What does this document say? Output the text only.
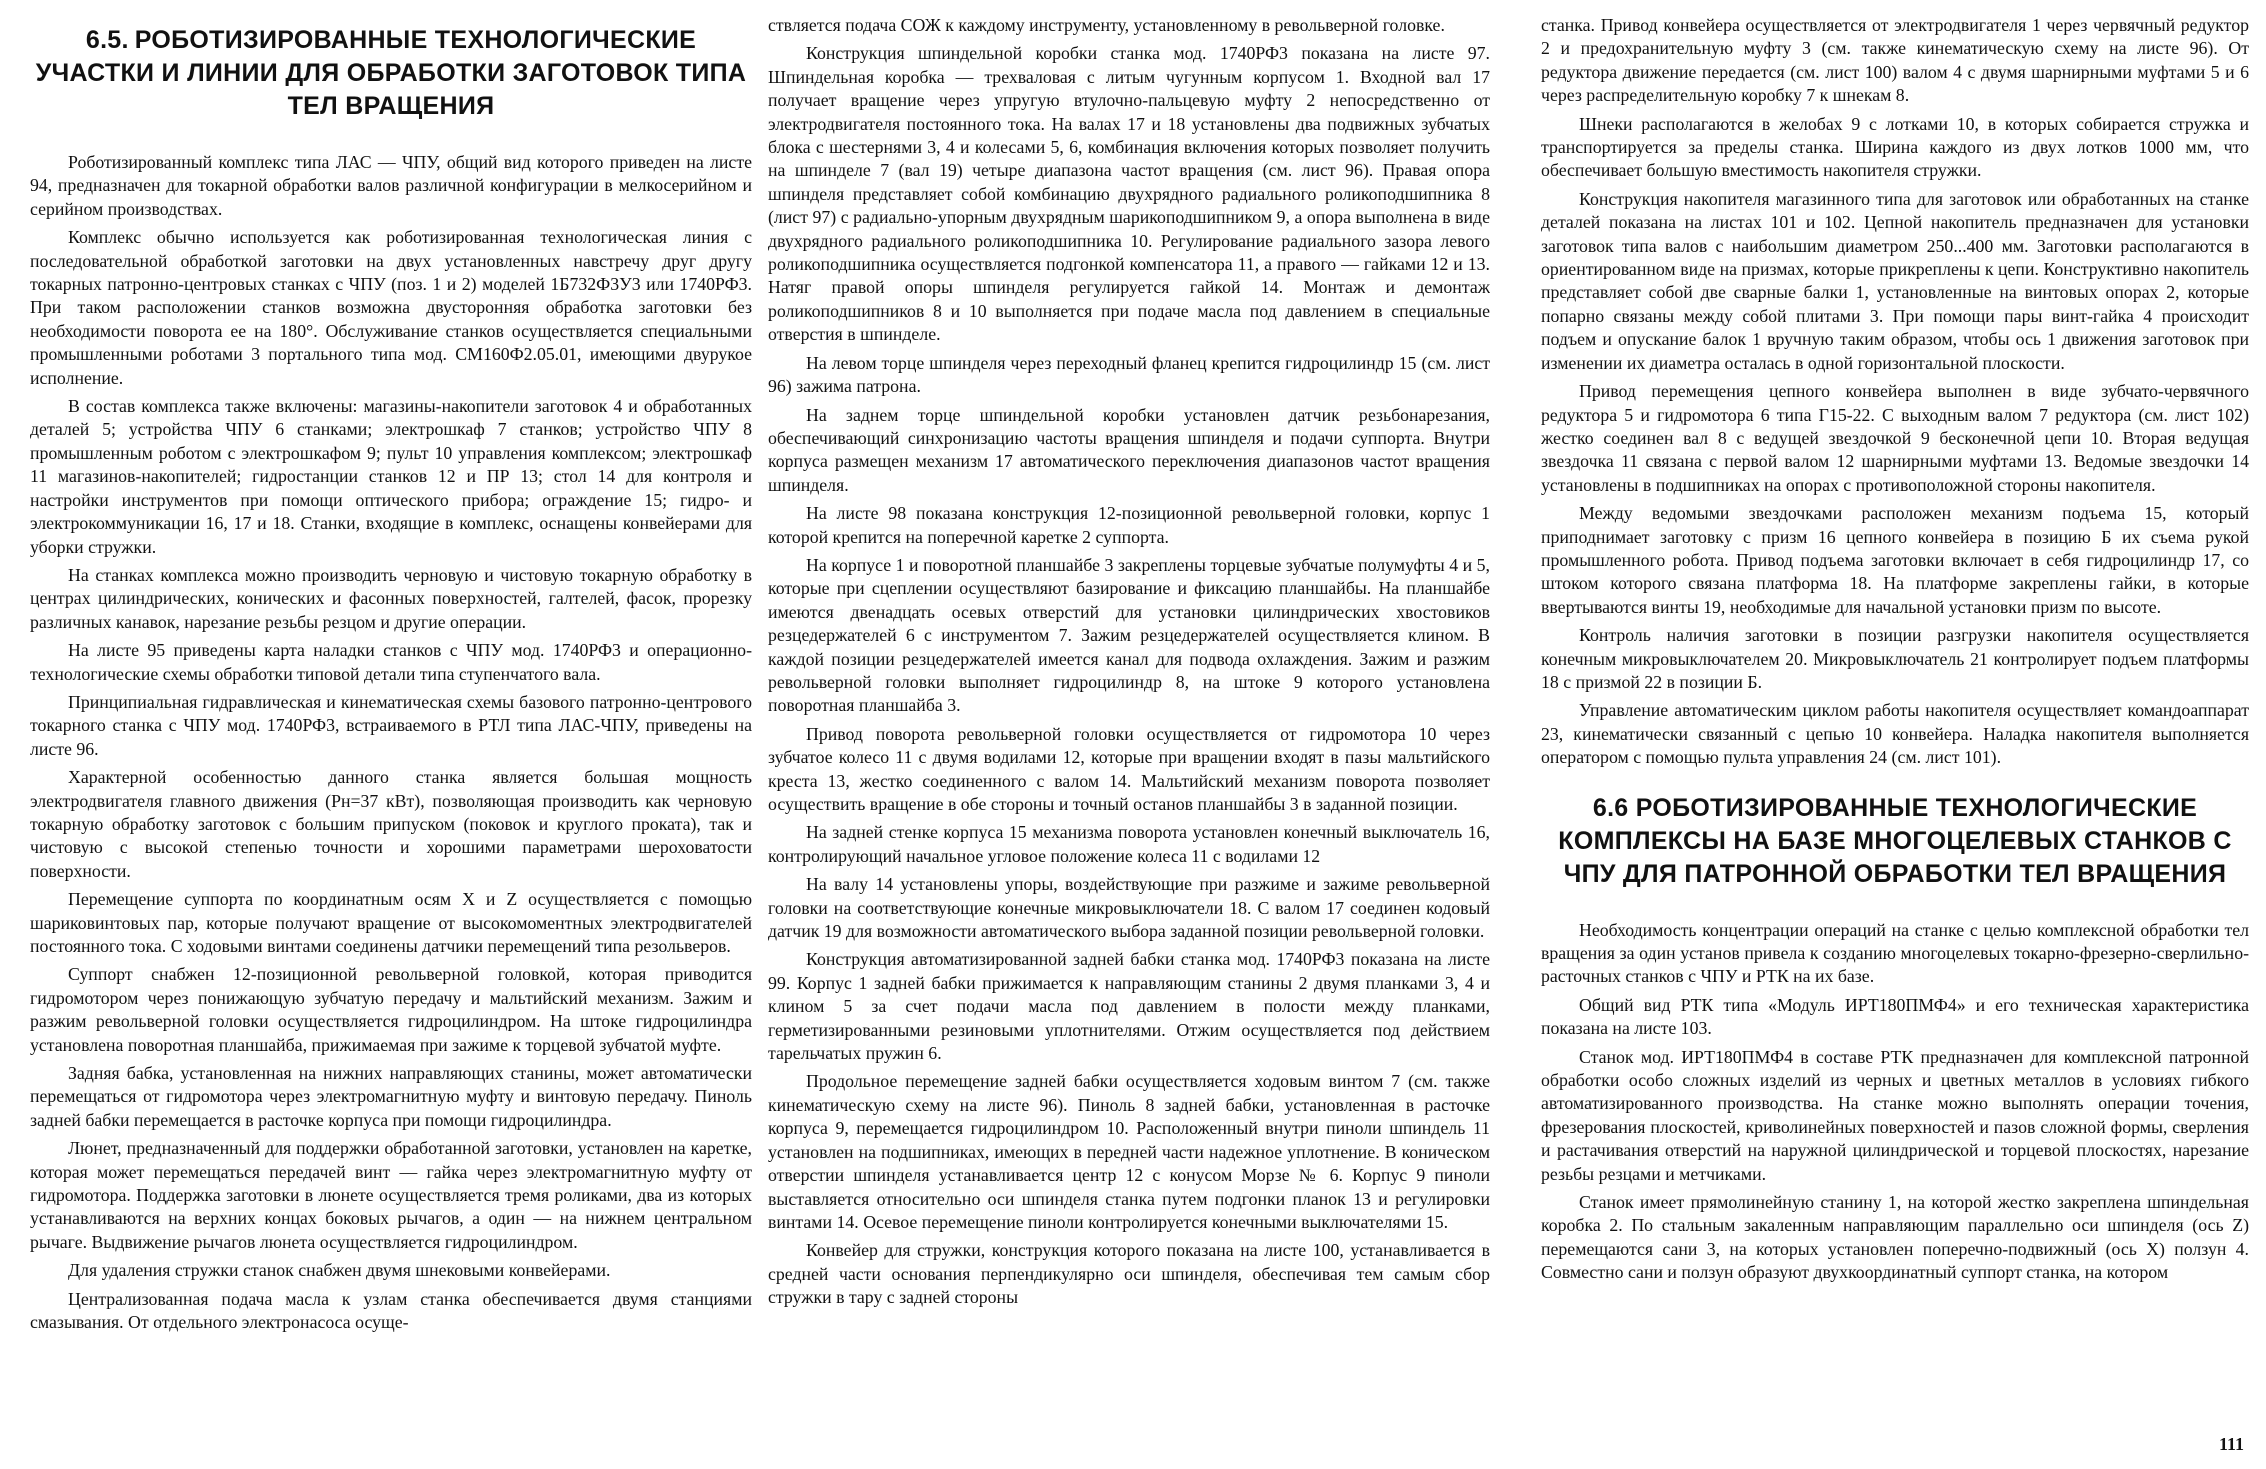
6.5. РОБОТИЗИРОВАННЫЕ ТЕХНОЛОГИЧЕСКИЕ УЧАСТКИ И ЛИНИИ ДЛЯ ОБРАБОТКИ ЗАГОТОВОК ТИПА ТЕЛ ВРАЩЕНИЯ

Роботизированный комплекс типа ЛАС — ЧПУ, общий вид которого приведен на листе 94, предназначен для токарной обработки валов различной конфигурации в мелкосерийном и серийном производствах.

Комплекс обычно используется как роботизированная технологическая линия с последовательной обработкой заготовки на двух установленных навстречу друг другу токарных патронно-центровых станках с ЧПУ (поз. 1 и 2) моделей 1Б732Ф3У3 или 1740РФ3. При таком расположении станков возможна двусторонняя обработка заготовки без необходимости поворота ее на 180°. Обслуживание станков осуществляется специальными промышленными роботами 3 портального типа мод. СМ160Ф2.05.01, имеющими двурукое исполнение.

В состав комплекса также включены: магазины-накопители заготовок 4 и обработанных деталей 5; устройства ЧПУ 6 станками; электрошкаф 7 станков; устройство ЧПУ 8 промышленным роботом с электрошкафом 9; пульт 10 управления комплексом; электрошкаф 11 магазинов-накопителей; гидростанции станков 12 и ПР 13; стол 14 для контроля и настройки инструментов при помощи оптического прибора; ограждение 15; гидро- и электрокоммуникации 16, 17 и 18. Станки, входящие в комплекс, оснащены конвейерами для уборки стружки.

На станках комплекса можно производить черновую и чистовую токарную обработку в центрах цилиндрических, конических и фасонных поверхностей, галтелей, фасок, прорезку различных канавок, нарезание резьбы резцом и другие операции.

На листе 95 приведены карта наладки станков с ЧПУ мод. 1740РФ3 и операционно-технологические схемы обработки типовой детали типа ступенчатого вала.

Принципиальная гидравлическая и кинематическая схемы базового патронно-центрового токарного станка с ЧПУ мод. 1740РФ3, встраиваемого в РТЛ типа ЛАС-ЧПУ, приведены на листе 96.

Характерной особенностью данного станка является большая мощность электродвигателя главного движения (Рн=37 кВт), позволяющая производить как черновую токарную обработку заготовок с большим припуском (поковок и круглого проката), так и чистовую с высокой степенью точности и хорошими параметрами шероховатости поверхности.

Перемещение суппорта по координатным осям X и Z осуществляется с помощью шариковинтовых пар, которые получают вращение от высокомоментных электродвигателей постоянного тока. С ходовыми винтами соединены датчики перемещений типа резольверов.

Суппорт снабжен 12-позиционной револьверной головкой, которая приводится гидромотором через понижающую зубчатую передачу и мальтийский механизм. Зажим и разжим револьверной головки осуществляется гидроцилиндром. На штоке гидроцилиндра установлена поворотная планшайба, прижимаемая при зажиме к торцевой зубчатой муфте.

Задняя бабка, установленная на нижних направляющих станины, может автоматически перемещаться от гидромотора через электромагнитную муфту и винтовую передачу. Пиноль задней бабки перемещается в расточке корпуса при помощи гидроцилиндра.

Люнет, предназначенный для поддержки обработанной заготовки, установлен на каретке, которая может перемещаться передачей винт — гайка через электромагнитную муфту от гидромотора. Поддержка заготовки в люнете осуществляется тремя роликами, два из которых устанавливаются на верхних концах боковых рычагов, а один — на нижнем центральном рычаге. Выдвижение рычагов люнета осуществляется гидроцилиндром.

Для удаления стружки станок снабжен двумя шнековыми конвейерами.

Централизованная подача масла к узлам станка обеспечивается двумя станциями смазывания. От отдельного электронасоса осуще-

ствляется подача СОЖ к каждому инструменту, установленному в револьверной головке.

Конструкция шпиндельной коробки станка мод. 1740РФ3 показана на листе 97. Шпиндельная коробка — трехваловая с литым чугунным корпусом 1. Входной вал 17 получает вращение через упругую втулочно-пальцевую муфту 2 непосредственно от электродвигателя постоянного тока. На валах 17 и 18 установлены два подвижных зубчатых блока с шестернями 3, 4 и колесами 5, 6, комбинация включения которых позволяет получить на шпинделе 7 (вал 19) четыре диапазона частот вращения (см. лист 96). Правая опора шпинделя представляет собой комбинацию двухрядного радиального роликоподшипника 8 (лист 97) с радиально-упорным двухрядным шарикоподшипником 9, а опора выполнена в виде двухрядного радиального роликоподшипника 10. Регулирование радиального зазора левого роликоподшипника осуществляется подгонкой компенсатора 11, а правого — гайками 12 и 13. Натяг правой опоры шпинделя регулируется гайкой 14. Монтаж и демонтаж роликоподшипников 8 и 10 выполняется при подаче масла под давлением в специальные отверстия в шпинделе.

На левом торце шпинделя через переходный фланец крепится гидроцилиндр 15 (см. лист 96) зажима патрона.

На заднем торце шпиндельной коробки установлен датчик резьбонарезания, обеспечивающий синхронизацию частоты вращения шпинделя и подачи суппорта. Внутри корпуса размещен механизм 17 автоматического переключения диапазонов частот вращения шпинделя.

На листе 98 показана конструкция 12-позиционной револьверной головки, корпус 1 которой крепится на поперечной каретке 2 суппорта.

На корпусе 1 и поворотной планшайбе 3 закреплены торцевые зубчатые полумуфты 4 и 5, которые при сцеплении осуществляют базирование и фиксацию планшайбы. На планшайбе имеются двенадцать осевых отверстий для установки цилиндрических хвостовиков резцедержателей 6 с инструментом 7. Зажим резцедержателей осуществляется клином. В каждой позиции резцедержателей имеется канал для подвода охлаждения. Зажим и разжим револьверной головки выполняет гидроцилиндр 8, на штоке 9 которого установлена поворотная планшайба 3.

Привод поворота револьверной головки осуществляется от гидромотора 10 через зубчатое колесо 11 с двумя водилами 12, которые при вращении входят в пазы мальтийского креста 13, жестко соединенного с валом 14. Мальтийский механизм поворота позволяет осуществить вращение в обе стороны и точный останов планшайбы 3 в заданной позиции.

На задней стенке корпуса 15 механизма поворота установлен конечный выключатель 16, контролирующий начальное угловое положение колеса 11 с водилами 12

На валу 14 установлены упоры, воздействующие при разжиме и зажиме револьверной головки на соответствующие конечные микровыключатели 18. С валом 17 соединен кодовый датчик 19 для возможности автоматического выбора заданной позиции револьверной головки.

Конструкция автоматизированной задней бабки станка мод. 1740РФ3 показана на листе 99. Корпус 1 задней бабки прижимается к направляющим станины 2 двумя планками 3, 4 и клином 5 за счет подачи масла под давлением в полости между планками, герметизированными резиновыми уплотнителями. Отжим осуществляется под действием тарельчатых пружин 6.

Продольное перемещение задней бабки осуществляется ходовым винтом 7 (см. также кинематическую схему на листе 96). Пиноль 8 задней бабки, установленная в расточке корпуса 9, перемещается гидроцилиндром 10. Расположенный внутри пиноли шпиндель 11 установлен на подшипниках, имеющих в передней части надежное уплотнение. В коническом отверстии шпинделя устанавливается центр 12 с конусом Морзе № 6. Корпус 9 пиноли выставляется относительно оси шпинделя станка путем подгонки планок 13 и регулировки винтами 14. Осевое перемещение пиноли контролируется конечными выключателями 15.

Конвейер для стружки, конструкция которого показана на листе 100, устанавливается в средней части основания перпендикулярно оси шпинделя, обеспечивая тем самым сбор стружки в тару с задней стороны

станка. Привод конвейера осуществляется от электродвигателя 1 через червячный редуктор 2 и предохранительную муфту 3 (см. также кинематическую схему на листе 96). От редуктора движение передается (см. лист 100) валом 4 с двумя шарнирными муфтами 5 и 6 через распределительную коробку 7 к шнекам 8.

Шнеки располагаются в желобах 9 с лотками 10, в которых собирается стружка и транспортируется за пределы станка. Ширина каждого из двух лотков 1000 мм, что обеспечивает большую вместимость накопителя стружки.

Конструкция накопителя магазинного типа для заготовок или обработанных на станке деталей показана на листах 101 и 102. Цепной накопитель предназначен для установки заготовок типа валов с наибольшим диаметром 250...400 мм. Заготовки располагаются в ориентированном виде на призмах, которые прикреплены к цепи. Конструктивно накопитель представляет собой две сварные балки 1, установленные на винтовых опорах 2, которые попарно связаны между собой плитами 3. При помощи пары винт-гайка 4 происходит подъем и опускание балок 1 вручную таким образом, чтобы ось 1 движения заготовок при изменении их диаметра осталась в одной горизонтальной плоскости.

Привод перемещения цепного конвейера выполнен в виде зубчато-червячного редуктора 5 и гидромотора 6 типа Г15-22. С выходным валом 7 редуктора (см. лист 102) жестко соединен вал 8 с ведущей звездочкой 9 бесконечной цепи 10. Вторая ведущая звездочка 11 связана с первой валом 12 шарнирными муфтами 13. Ведомые звездочки 14 установлены в подшипниках на опорах с противоположной стороны накопителя.

Между ведомыми звездочками расположен механизм подъема 15, который приподнимает заготовку с призм 16 цепного конвейера в позицию Б их съема рукой промышленного робота. Привод подъема заготовки включает в себя гидроцилиндр 17, со штоком которого связана платформа 18. На платформе закреплены гайки, в которые ввертываются винты 19, необходимые для начальной установки призм по высоте.

Контроль наличия заготовки в позиции разгрузки накопителя осуществляется конечным микровыключателем 20. Микровыключатель 21 контролирует подъем платформы 18 с призмой 22 в позиции Б.

Управление автоматическим циклом работы накопителя осуществляет командоаппарат 23, кинематически связанный с цепью 10 конвейера. Наладка накопителя выполняется оператором с помощью пульта управления 24 (см. лист 101).

6.6 РОБОТИЗИРОВАННЫЕ ТЕХНОЛОГИЧЕСКИЕ КОМПЛЕКСЫ НА БАЗЕ МНОГОЦЕЛЕВЫХ СТАНКОВ С ЧПУ ДЛЯ ПАТРОННОЙ ОБРАБОТКИ ТЕЛ ВРАЩЕНИЯ

Необходимость концентрации операций на станке с целью комплексной обработки тел вращения за один установ привела к созданию многоцелевых токарно-фрезерно-сверлильно-расточных станков с ЧПУ и РТК на их базе.

Общий вид РТК типа «Модуль ИРТ180ПМФ4» и его техническая характеристика показана на листе 103.

Станок мод. ИРТ180ПМФ4 в составе РТК предназначен для комплексной патронной обработки особо сложных изделий из черных и цветных металлов в условиях гибкого автоматизированного производства. На станке можно выполнять операции точения, фрезерования плоскостей, криволинейных поверхностей и пазов сложной формы, сверления и растачивания отверстий на наружной цилиндрической и торцевой плоскостях, нарезание резьбы резцами и метчиками.

Станок имеет прямолинейную станину 1, на которой жестко закреплена шпиндельная коробка 2. По стальным закаленным направляющим параллельно оси шпинделя (ось Z) перемещаются сани 3, на которых установлен поперечно-подвижный (ось X) ползун 4. Совместно сани и ползун образуют двухкоординатный суппорт станка, на котором

111
